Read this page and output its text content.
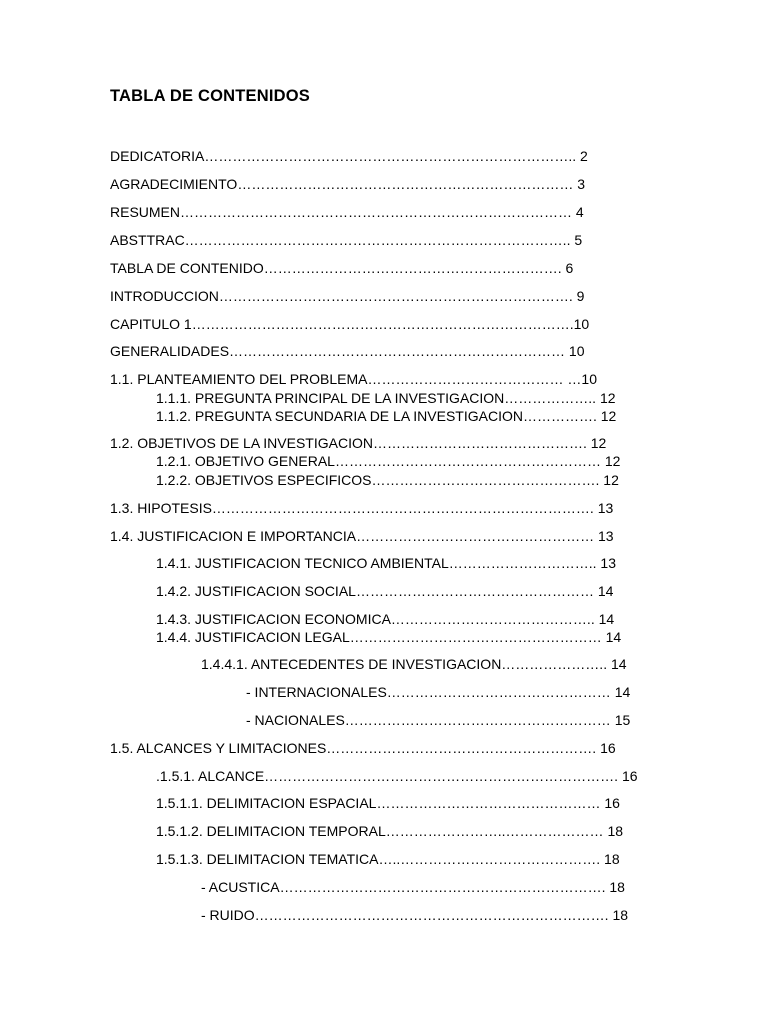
TABLA DE CONTENIDOS
DEDICATORIA…………………………………………………………………….. 2
AGRADECIMIENTO……………………………………………………………… 3
RESUMEN………………………………………………………………………… 4
ABSTTRAC……………………………………………………………………….. 5
TABLA DE CONTENIDO………………………………………………………. 6
INTRODUCCION…………………………………………………………………. 9
CAPITULO 1……………………………………………………………………….10
GENERALIDADES……………………………………………………………… 10
1.1. PLANTEAMIENTO DEL PROBLEMA…………………………………… …10
1.1.1. PREGUNTA PRINCIPAL DE LA INVESTIGACION……………….. 12
1.1.2. PREGUNTA SECUNDARIA DE LA INVESTIGACION……………. 12
1.2. OBJETIVOS DE LA INVESTIGACION………………………………………. 12
1.2.1. OBJETIVO GENERAL………………………………………………… 12
1.2.2. OBJETIVOS ESPECIFICOS…………………………………………. 12
1.3. HIPOTESIS………………………………………………………………………. 13
1.4. JUSTIFICACION E IMPORTANCIA…………………………………………… 13
1.4.1. JUSTIFICACION TECNICO AMBIENTAL………………………….. 13
1.4.2. JUSTIFICACION SOCIAL…………………………………………… 14
1.4.3. JUSTIFICACION ECONOMICA…………………………………….. 14
1.4.4. JUSTIFICACION LEGAL……………………………………………… 14
1.4.4.1. ANTECEDENTES DE INVESTIGACION………………….. 14
- INTERNACIONALES………………………………………… 14
- NACIONALES………………………………………………… 15
1.5. ALCANCES Y LIMITACIONES…………………………………………………. 16
.1.5.1. ALCANCE…………………………………………………………………. 16
1.5.1.1. DELIMITACION ESPACIAL………………………………………… 16
1.5.1.2. DELIMITACION TEMPORAL……………………..………………… 18
1.5.1.3. DELIMITACION TEMATICA…..……………………………………. 18
- ACUSTICA……………………………………………………………. 18
- RUIDO…………………………………………………………………. 18
